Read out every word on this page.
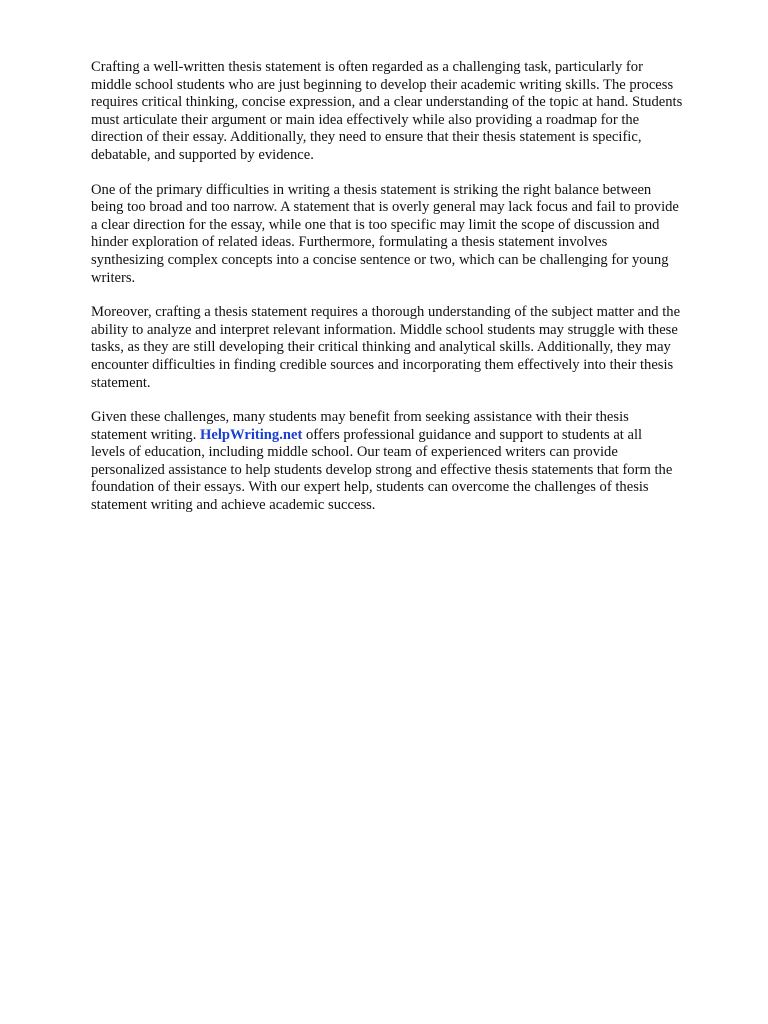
Crafting a well-written thesis statement is often regarded as a challenging task, particularly for
middle school students who are just beginning to develop their academic writing skills. The process
requires critical thinking, concise expression, and a clear understanding of the topic at hand. Students
must articulate their argument or main idea effectively while also providing a roadmap for the
direction of their essay. Additionally, they need to ensure that their thesis statement is specific,
debatable, and supported by evidence.

One of the primary difficulties in writing a thesis statement is striking the right balance between
being too broad and too narrow. A statement that is overly general may lack focus and fail to provide
a clear direction for the essay, while one that is too specific may limit the scope of discussion and
hinder exploration of related ideas. Furthermore, formulating a thesis statement involves
synthesizing complex concepts into a concise sentence or two, which can be challenging for young
writers.

Moreover, crafting a thesis statement requires a thorough understanding of the subject matter and the
ability to analyze and interpret relevant information. Middle school students may struggle with these
tasks, as they are still developing their critical thinking and analytical skills. Additionally, they may
encounter difficulties in finding credible sources and incorporating them effectively into their thesis
statement.

Given these challenges, many students may benefit from seeking assistance with their thesis
statement writing. HelpWriting.net offers professional guidance and support to students at all
levels of education, including middle school. Our team of experienced writers can provide
personalized assistance to help students develop strong and effective thesis statements that form the
foundation of their essays. With our expert help, students can overcome the challenges of thesis
statement writing and achieve academic success.
